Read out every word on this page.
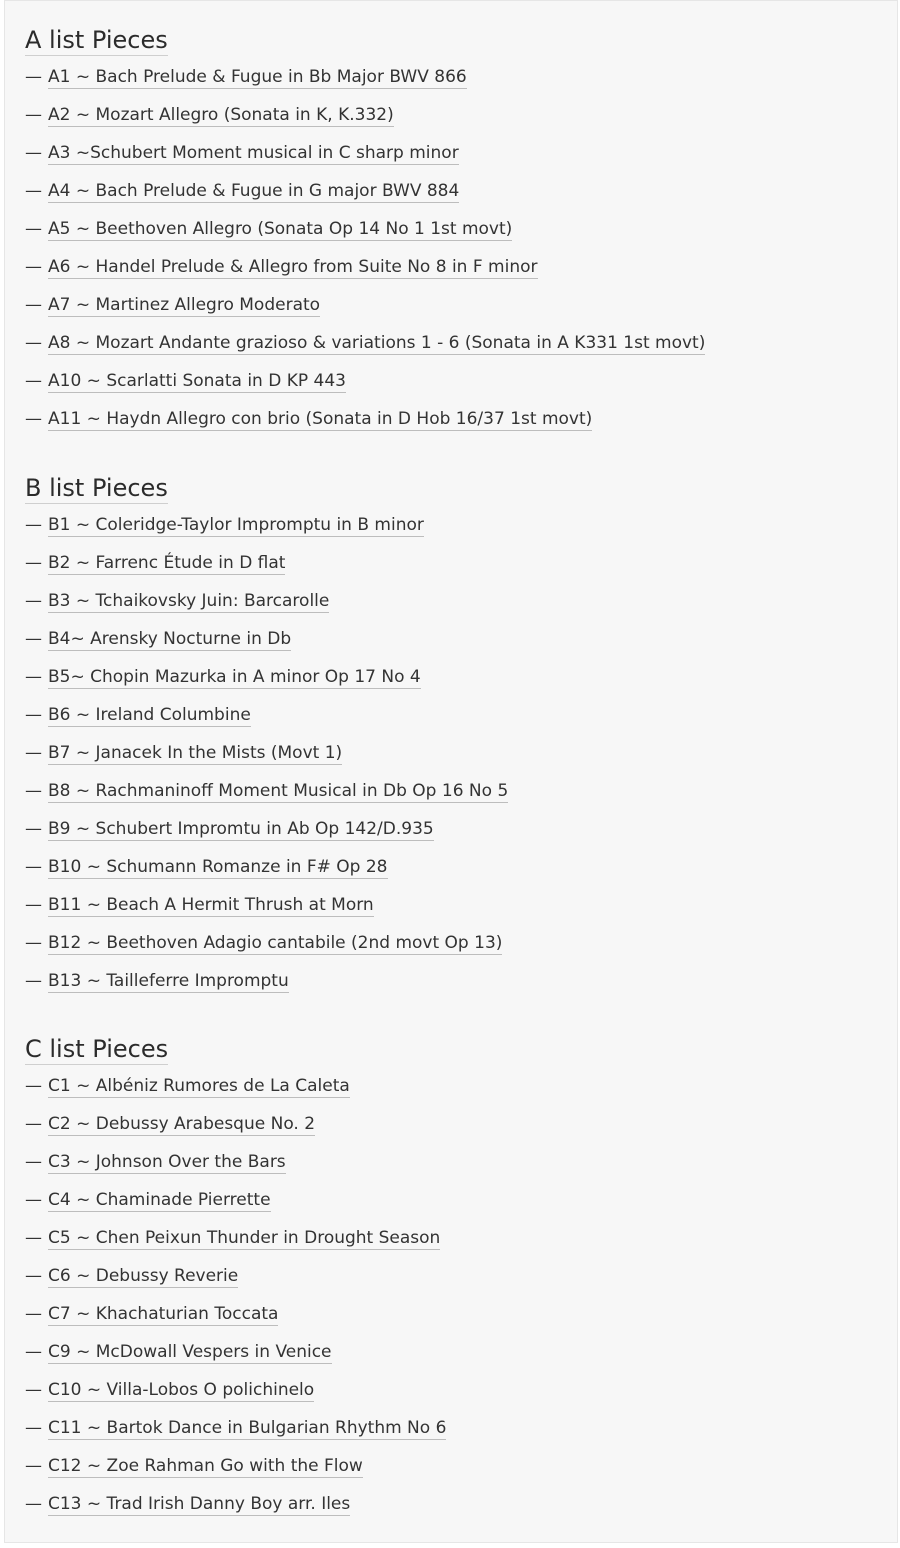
A list Pieces
— A1 ~ Bach Prelude & Fugue in Bb Major BWV 866
— A2 ~ Mozart Allegro (Sonata in K, K.332)
— A3 ~Schubert Moment musical in C sharp minor
— A4 ~ Bach Prelude & Fugue in G major BWV 884
— A5 ~ Beethoven Allegro (Sonata Op 14 No 1 1st movt)
— A6 ~ Handel Prelude & Allegro from Suite No 8 in F minor
— A7 ~ Martinez Allegro Moderato
— A8 ~ Mozart Andante grazioso & variations 1 - 6 (Sonata in A K331 1st movt)
— A10 ~ Scarlatti Sonata in D KP 443
— A11 ~ Haydn Allegro con brio (Sonata in D Hob 16/37 1st movt)
B list Pieces
— B1 ~ Coleridge-Taylor Impromptu in B minor
— B2 ~ Farrenc Étude in D flat
— B3 ~ Tchaikovsky Juin: Barcarolle
— B4~ Arensky Nocturne in Db
— B5~ Chopin Mazurka in A minor Op 17 No 4
— B6 ~ Ireland Columbine
— B7 ~ Janacek In the Mists (Movt 1)
— B8 ~ Rachmaninoff Moment Musical in Db Op 16 No 5
— B9 ~ Schubert Impromtu in Ab Op 142/D.935
— B10 ~ Schumann Romanze in F# Op 28
— B11 ~ Beach A Hermit Thrush at Morn
— B12 ~ Beethoven Adagio cantabile (2nd movt Op 13)
— B13 ~ Tailleferre Impromptu
C list Pieces
— C1 ~ Albéniz Rumores de La Caleta
— C2 ~ Debussy Arabesque No. 2
— C3 ~ Johnson Over the Bars
— C4 ~ Chaminade Pierrette
— C5 ~ Chen Peixun Thunder in Drought Season
— C6 ~ Debussy Reverie
— C7 ~ Khachaturian Toccata
— C9 ~ McDowall Vespers in Venice
— C10 ~ Villa-Lobos O polichinelo
— C11 ~ Bartok Dance in Bulgarian Rhythm No 6
— C12 ~ Zoe Rahman Go with the Flow
— C13 ~ Trad Irish Danny Boy arr. Iles
